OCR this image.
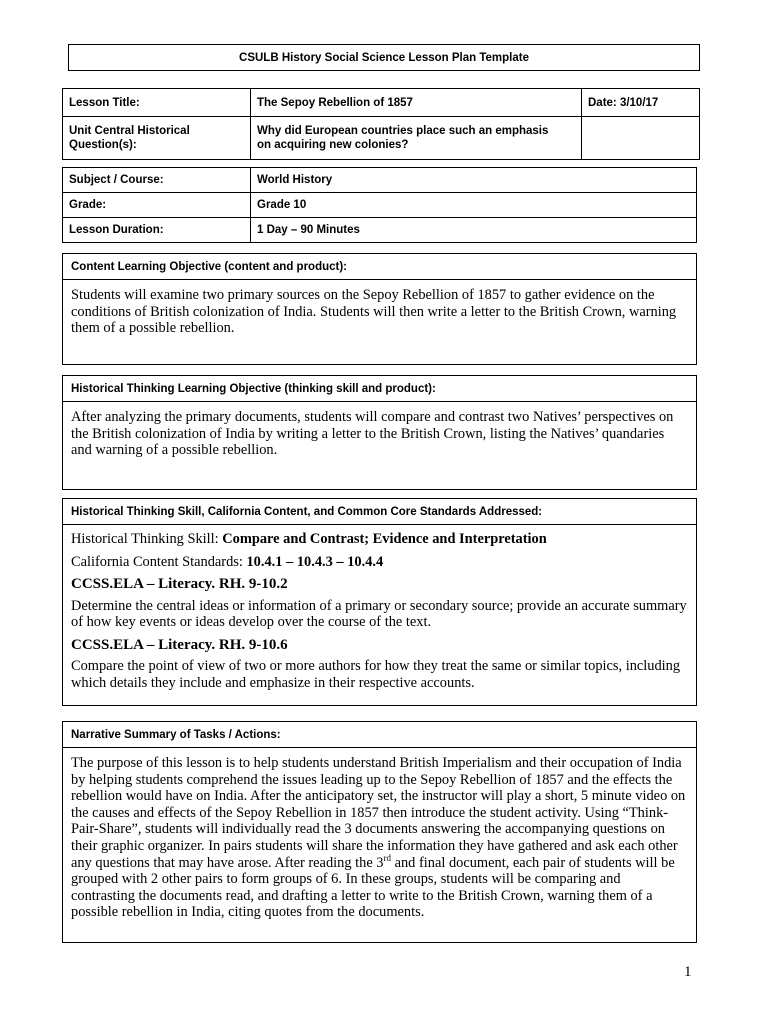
CSULB History Social Science Lesson Plan Template
Lesson Title:	The Sepoy Rebellion of 1857	Date: 3/10/17
Unit Central Historical Question(s):	Why did European countries place such an emphasis on acquiring new colonies?	
Subject / Course:	World History
Grade:	Grade 10
Lesson Duration:	1 Day – 90 Minutes
Content Learning Objective (content and product):

Students will examine two primary sources on the Sepoy Rebellion of 1857 to gather evidence on the conditions of British colonization of India. Students will then write a letter to the British Crown, warning them of a possible rebellion.

Historical Thinking Learning Objective (thinking skill and product):

After analyzing the primary documents, students will compare and contrast two Natives’ perspectives on the British colonization of India by writing a letter to the British Crown, listing the Natives’ quandaries and warning of a possible rebellion.

Historical Thinking Skill, California Content, and Common Core Standards Addressed:

Historical Thinking Skill: Compare and Contrast; Evidence and Interpretation

California Content Standards: 10.4.1 – 10.4.3 – 10.4.4

CCSS.ELA – Literacy. RH. 9-10.2

Determine the central ideas or information of a primary or secondary source; provide an accurate summary of how key events or ideas develop over the course of the text.

CCSS.ELA – Literacy. RH. 9-10.6

Compare the point of view of two or more authors for how they treat the same or similar topics, including which details they include and emphasize in their respective accounts.

Narrative Summary of Tasks / Actions:

The purpose of this lesson is to help students understand British Imperialism and their occupation of India by helping students comprehend the issues leading up to the Sepoy Rebellion of 1857 and the effects the rebellion would have on India. After the anticipatory set, the instructor will play a short, 5 minute video on the causes and effects of the Sepoy Rebellion in 1857 then introduce the student activity. Using “Think-Pair-Share”, students will individually read the 3 documents answering the accompanying questions on their graphic organizer. In pairs students will share the information they have gathered and ask each other any questions that may have arose. After reading the 3rd and final document, each pair of students will be grouped with 2 other pairs to form groups of 6. In these groups, students will be comparing and contrasting the documents read, and drafting a letter to write to the British Crown, warning them of a possible rebellion in India, citing quotes from the documents.

1
